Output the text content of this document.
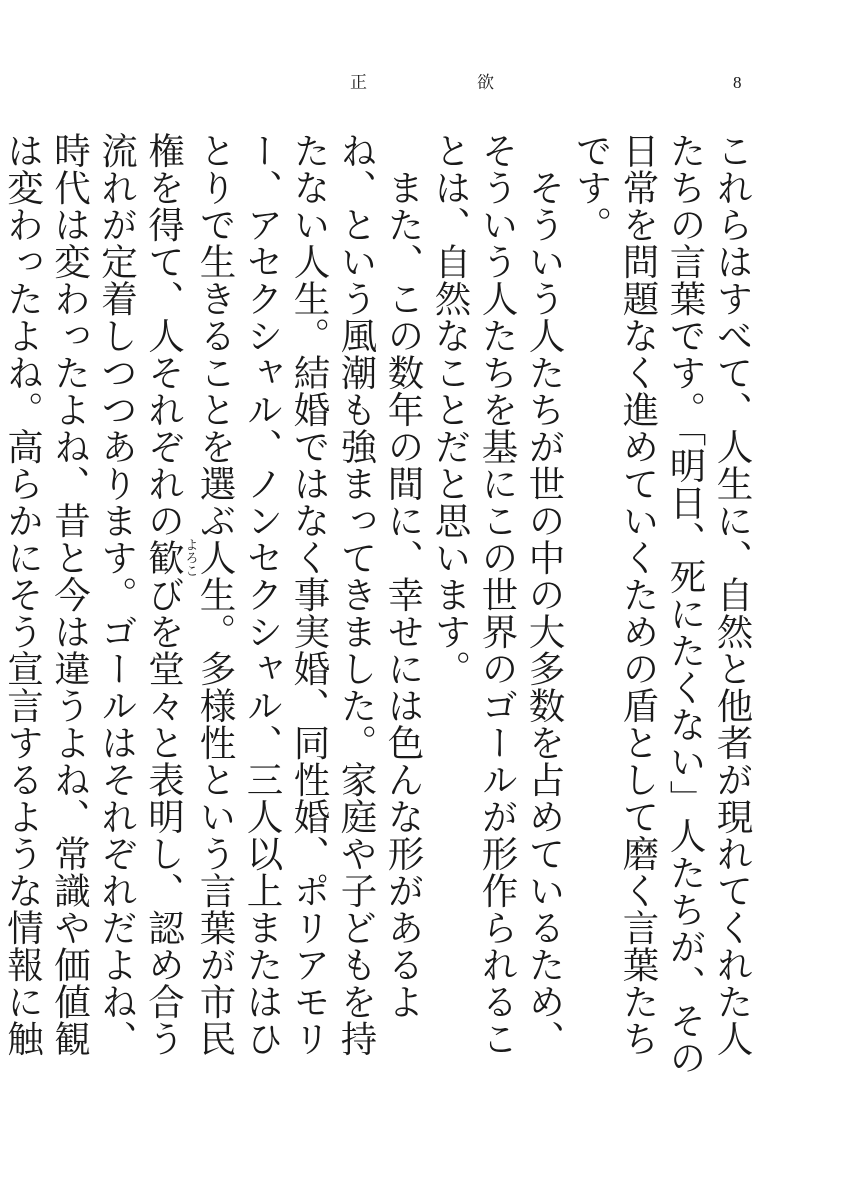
正欲	8

これらはすべて、人生に、自然と他者が現れてくれた人たちの言葉です。「明日、死にたくない」人たちが、その日常を問題なく進めていくための盾として磨く言葉たちです。

そういう人たちが世の中の大多数を占めているため、そういう人たちを基にこの世界のゴールが形作られることは、自然なことだと思います。

また、この数年の間に、幸せには色んな形があるよね、という風潮も強まってきました。家庭や子どもを持たない人生。結婚ではなく事実婚、同性婚、ポリアモリー、アセクシャル、ノンセクシャル、三人以上またはひとりで生きることを選ぶ人生。多様性という言葉が市民権を得て、人それぞれの歓よろこびを堂々と表明し、認め合う流れが定着しつつあります。ゴールはそれぞれだよね、時代は変わったよね、昔と今は違うよね、常識や価値観は変わったよね。高らかにそう宣言するような情報に触
